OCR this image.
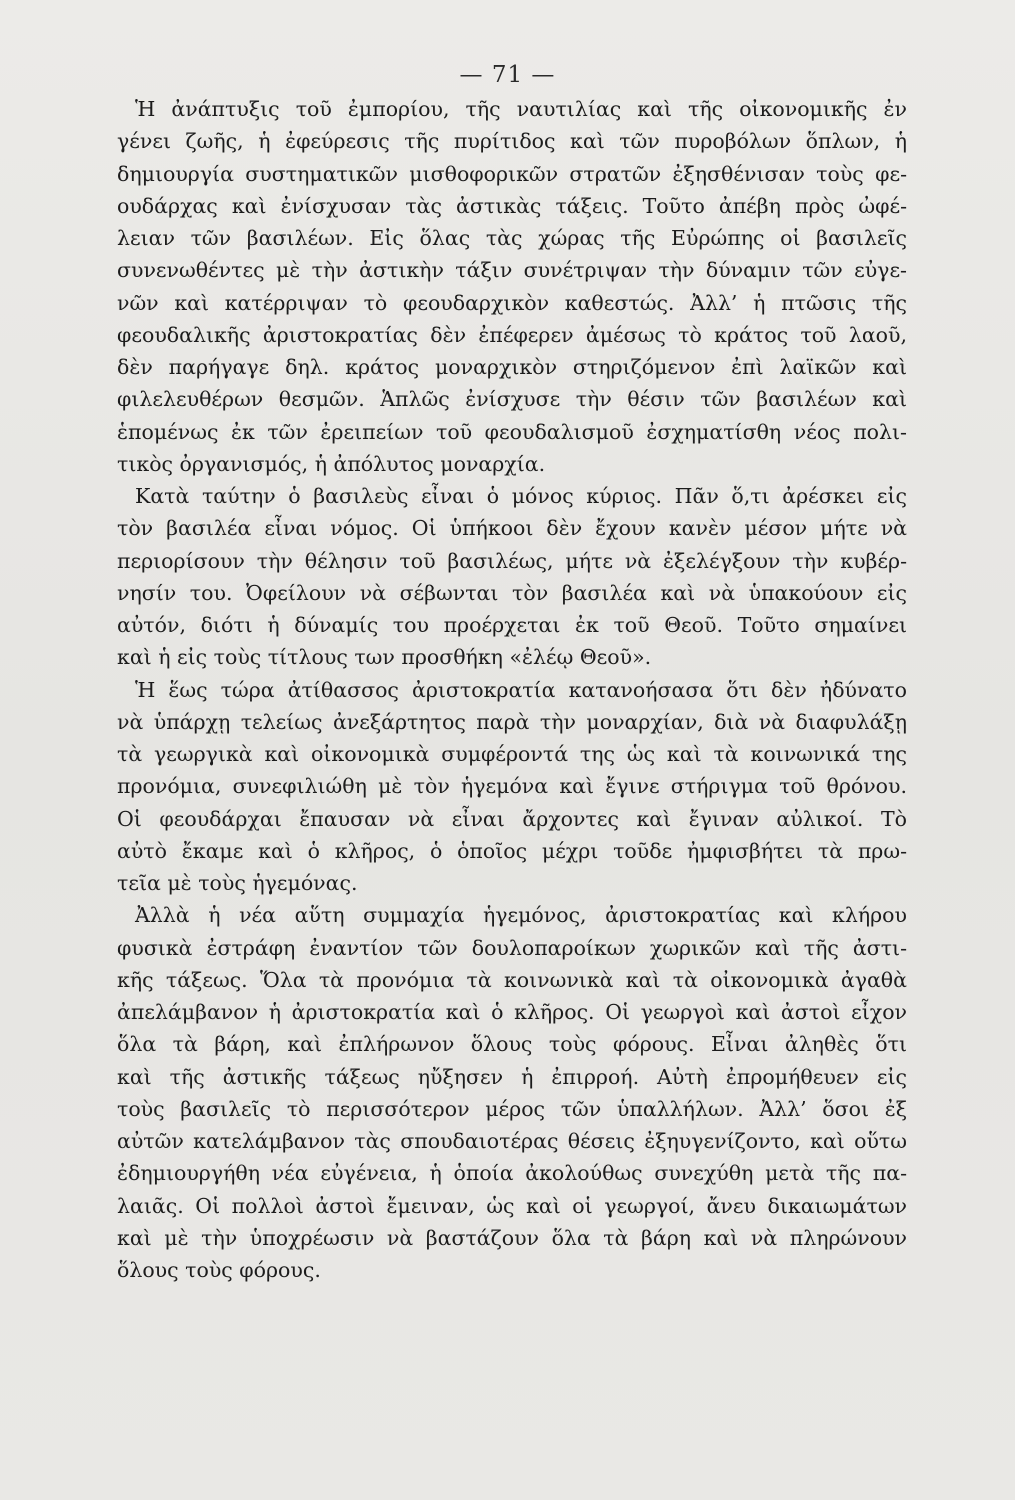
— 71 —
Ἡ ἀνάπτυξις τοῦ ἐμπορίου, τῆς ναυτιλίας καὶ τῆς οἰκονομικῆς ἐν
γένει ζωῆς, ἡ ἐφεύρεσις τῆς πυρίτιδος καὶ τῶν πυροβόλων ὅπλων, ἡ
δημιουργία συστηματικῶν μισθοφορικῶν στρατῶν ἐξησθένισαν τοὺς φε-
ουδάρχας καὶ ἐνίσχυσαν τὰς ἀστικὰς τάξεις. Τοῦτο ἀπέβη πρὸς ὠφέ-
λειαν τῶν βασιλέων. Εἰς ὅλας τὰς χώρας τῆς Εὐρώπης οἱ βασιλεῖς
συνενωθέντες μὲ τὴν ἀστικὴν τάξιν συνέτριψαν τὴν δύναμιν τῶν εὐγε-
νῶν καὶ κατέρριψαν τὸ φεουδαρχικὸν καθεστώς. Ἀλλ’ ἡ πτῶσις τῆς
φεουδαλικῆς ἀριστοκρατίας δὲν ἐπέφερεν ἀμέσως τὸ κράτος τοῦ λαοῦ,
δὲν παρήγαγε δηλ. κράτος μοναρχικὸν στηριζόμενον ἐπὶ λαϊκῶν καὶ
φιλελευθέρων θεσμῶν. Ἁπλῶς ἐνίσχυσε τὴν θέσιν τῶν βασιλέων καὶ
ἑπομένως ἐκ τῶν ἐρειπείων τοῦ φεουδαλισμοῦ ἐσχηματίσθη νέος πολι-
τικὸς ὀργανισμός, ἡ ἀπόλυτος μοναρχία.
Κατὰ ταύτην ὁ βασιλεὺς εἶναι ὁ μόνος κύριος. Πᾶν ὅ,τι ἀρέσκει εἰς
τὸν βασιλέα εἶναι νόμος. Οἱ ὑπήκοοι δὲν ἔχουν κανὲν μέσον μήτε νὰ
περιορίσουν τὴν θέλησιν τοῦ βασιλέως, μήτε νὰ ἐξελέγξουν τὴν κυβέρ-
νησίν του. Ὀφείλουν νὰ σέβωνται τὸν βασιλέα καὶ νὰ ὑπακούουν εἰς
αὐτόν, διότι ἡ δύναμίς του προέρχεται ἐκ τοῦ Θεοῦ. Τοῦτο σημαίνει
καὶ ἡ εἰς τοὺς τίτλους των προσθήκη «ἐλέῳ Θεοῦ».
Ἡ ἕως τώρα ἀτίθασσος ἀριστοκρατία κατανοήσασα ὅτι δὲν ἠδύνατο
νὰ ὑπάρχῃ τελείως ἀνεξάρτητος παρὰ τὴν μοναρχίαν, διὰ νὰ διαφυλάξῃ
τὰ γεωργικὰ καὶ οἰκονομικὰ συμφέροντά της ὡς καὶ τὰ κοινωνικά της
προνόμια, συνεφιλιώθη μὲ τὸν ἡγεμόνα καὶ ἔγινε στήριγμα τοῦ θρόνου.
Οἱ φεουδάρχαι ἔπαυσαν νὰ εἶναι ἄρχοντες καὶ ἔγιναν αὐλικοί. Τὸ
αὐτὸ ἔκαμε καὶ ὁ κλῆρος, ὁ ὁποῖος μέχρι τοῦδε ἠμφισβήτει τὰ πρω-
τεῖα μὲ τοὺς ἡγεμόνας.
Ἀλλὰ ἡ νέα αὕτη συμμαχία ἡγεμόνος, ἀριστοκρατίας καὶ κλήρου
φυσικὰ ἐστράφη ἐναντίον τῶν δουλοπαροίκων χωρικῶν καὶ τῆς ἀστι-
κῆς τάξεως. Ὅλα τὰ προνόμια τὰ κοινωνικὰ καὶ τὰ οἰκονομικὰ ἀγαθὰ
ἀπελάμβανον ἡ ἀριστοκρατία καὶ ὁ κλῆρος. Οἱ γεωργοὶ καὶ ἀστοὶ εἶχον
ὅλα τὰ βάρη, καὶ ἐπλήρωνον ὅλους τοὺς φόρους. Εἶναι ἀληθὲς ὅτι
καὶ τῆς ἀστικῆς τάξεως ηὔξησεν ἡ ἐπιρροή. Αὐτὴ ἐπρομήθευεν εἰς
τοὺς βασιλεῖς τὸ περισσότερον μέρος τῶν ὑπαλλήλων. Ἀλλ’ ὅσοι ἐξ
αὐτῶν κατελάμβανον τὰς σπουδαιοτέρας θέσεις ἐξηυγενίζοντο, καὶ οὕτω
ἐδημιουργήθη νέα εὐγένεια, ἡ ὁποία ἀκολούθως συνεχύθη μετὰ τῆς πα-
λαιᾶς. Οἱ πολλοὶ ἀστοὶ ἔμειναν, ὡς καὶ οἱ γεωργοί, ἄνευ δικαιωμάτων
καὶ μὲ τὴν ὑποχρέωσιν νὰ βαστάζουν ὅλα τὰ βάρη καὶ νὰ πληρώνουν
ὅλους τοὺς φόρους.
